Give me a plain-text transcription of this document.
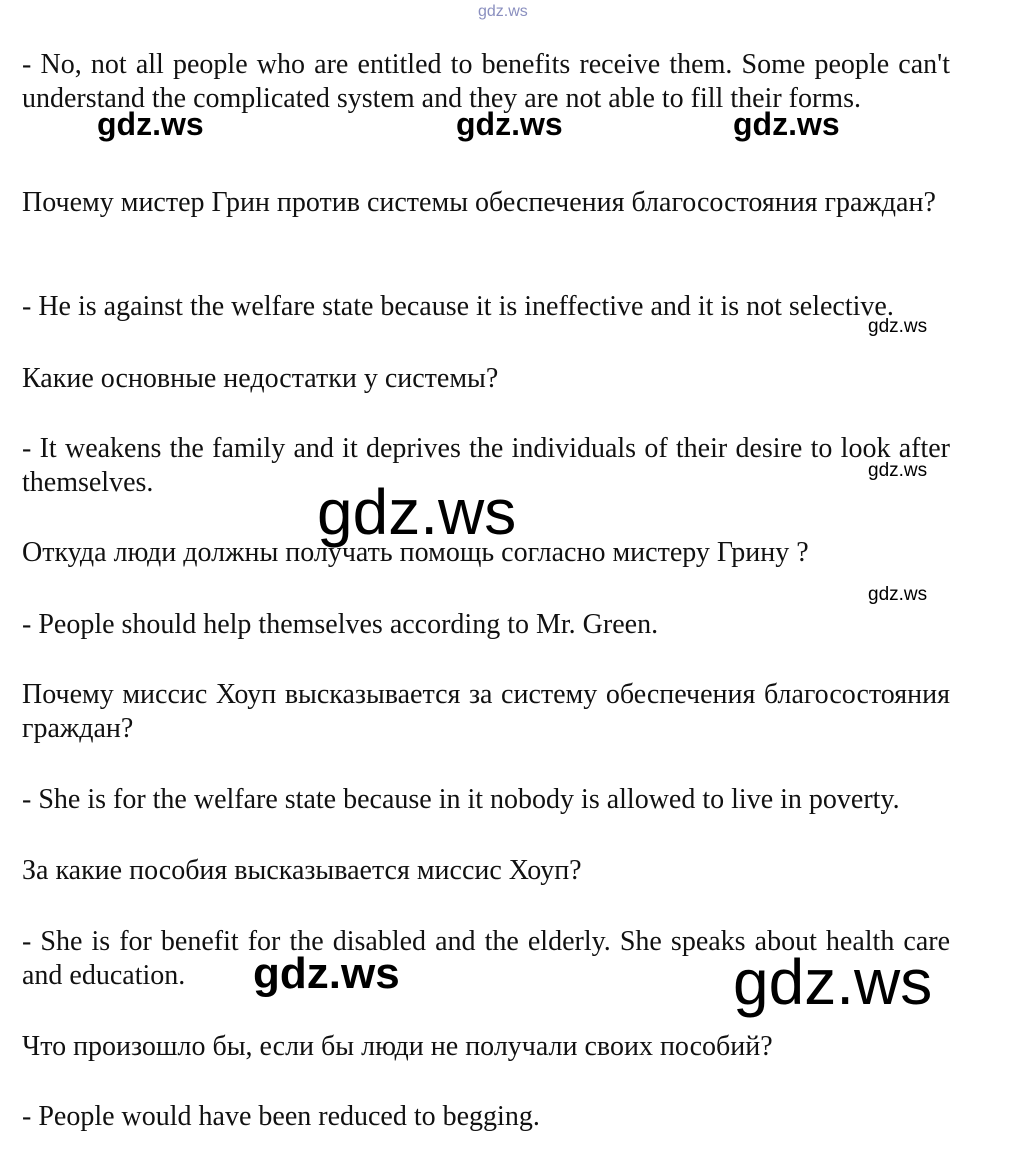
- No, not all people who are entitled to benefits receive them. Some people can't understand the complicated system and they are not able to fill their forms.

Почему мистер Грин против системы обеспечения благосостояния граждан?

- He is against the welfare state because it is ineffective and it is not selective.

Какие основные недостатки у системы?

- It weakens the family and it deprives the individuals of their desire to look after themselves.

Откуда люди должны получать помощь согласно мистеру Грину ?

- People should help themselves according to Mr. Green.

Почему миссис Хоуп высказывается за систему обеспечения благосостояния граждан?

- She is for the welfare state because in it nobody is allowed to live in poverty.

За какие пособия высказывается миссис Хоуп?

- She is for benefit for the disabled and the elderly. She speaks about health care and education.

Что произошло бы, если бы люди не получали своих пособий?

- People would have been reduced to begging.

gdz.ws
gdz.ws	gdz.ws	gdz.ws
gdz.ws
gdz.ws
gdz.ws
gdz.ws
gdz.ws	gdz.ws
